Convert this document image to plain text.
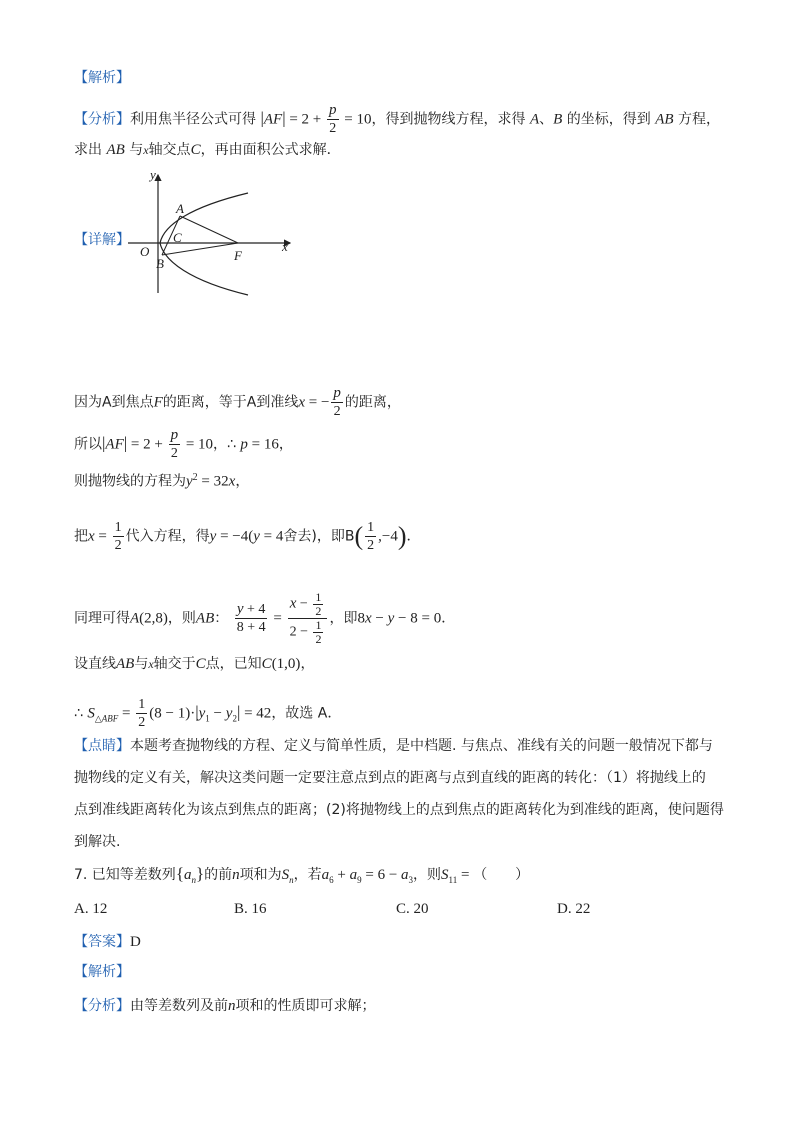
【解析】
【分析】利用焦半径公式可得 $|AF| = 2 + \frac{p}{2} = 10$，得到抛物线方程，求得 A、B 的坐标，得到 AB 方程，
求出 AB 与x轴交点C，再由面积公式求解．
【详解】
y
x
O
A
C
B
F
因为A到焦点F的距离，等于A到准线x = − $\frac{p}{2}$ 的距离，
所以$|AF| = 2 + \frac{p}{2} = 10$，∴ p = 16，
则抛物线的方程为$y^2 = 32x$，
把$x = \frac{1}{2}$ 代入方程，得y = −4(y = 4舍去)，即$B( \frac{1}{2} ,-4)$．
同理可得A(2,8)，则AB： $\frac{y + 4}{8 + 4} = \frac{x - \frac{1}{2}}{2 - \frac{1}{2}}$ ，即8x − y − 8 = 0．
设直线AB与x轴交于C点，已知C(1,0)，
∴ $S_{\triangle ABF} = \frac{1}{2} (8 - 1)\cdot|y_1 - y_2| = 42$，故选 A．
【点睛】本题考查抛物线的方程、定义与简单性质，是中档题. 与焦点、准线有关的问题一般情况下都与
抛物线的定义有关，解决这类问题一定要注意点到点的距离与点到直线的距离的转化：（1）将抛线上的
点到准线距离转化为该点到焦点的距离；(2)将抛物线上的点到焦点的距离转化为到准线的距离，使问题得
到解决.
7. 已知等差数列$\{a_n\}$的前n项和为$S_n$，若$a_6 + a_9 = 6 - a_3$，则$S_{11}$ = （　　）
A. 12	B. 16	C. 20	D. 22
【答案】D
【解析】
【分析】由等差数列及前n项和的性质即可求解；
